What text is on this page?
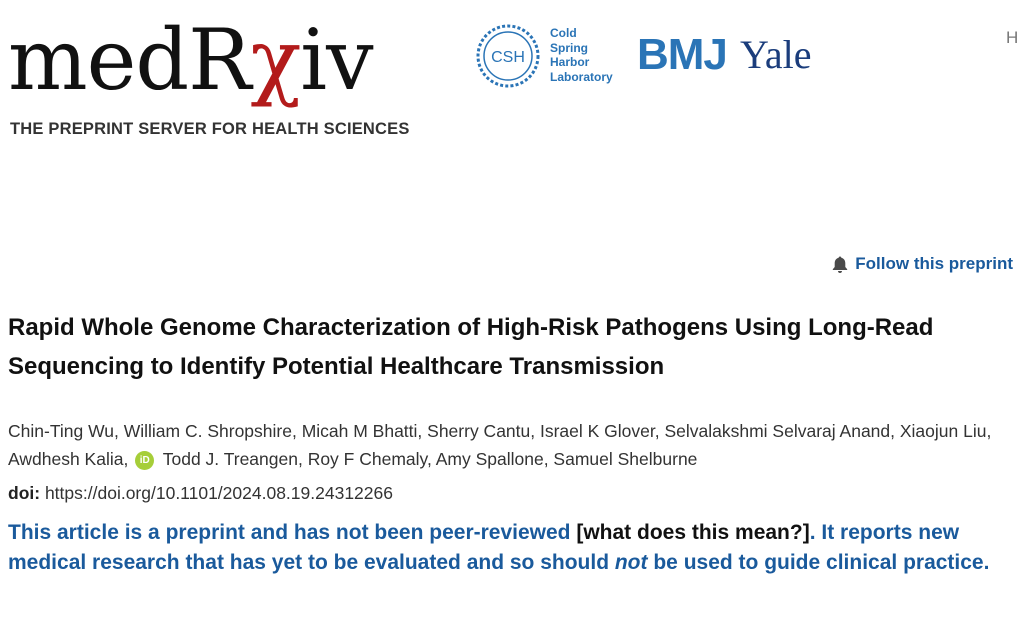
medRχiv
THE PREPRINT SERVER FOR HEALTH SCIENCES
CSH
Cold
Spring
Harbor
Laboratory BMJ Yale	H
Follow this preprint
Rapid Whole Genome Characterization of High-Risk Pathogens Using Long-Read Sequencing to Identify Potential Healthcare Transmission
Chin-Ting Wu, William C. Shropshire, Micah M Bhatti, Sherry Cantu, Israel K Glover, Selvalakshmi Selvaraj Anand, Xiaojun Liu, Awdhesh Kalia, iD Todd J. Treangen, Roy F Chemaly, Amy Spallone, Samuel Shelburne
doi: https://doi.org/10.1101/2024.08.19.24312266
This article is a preprint and has not been peer-reviewed [what does this mean?]. It reports new medical research that has yet to be evaluated and so should not be used to guide clinical practice.
